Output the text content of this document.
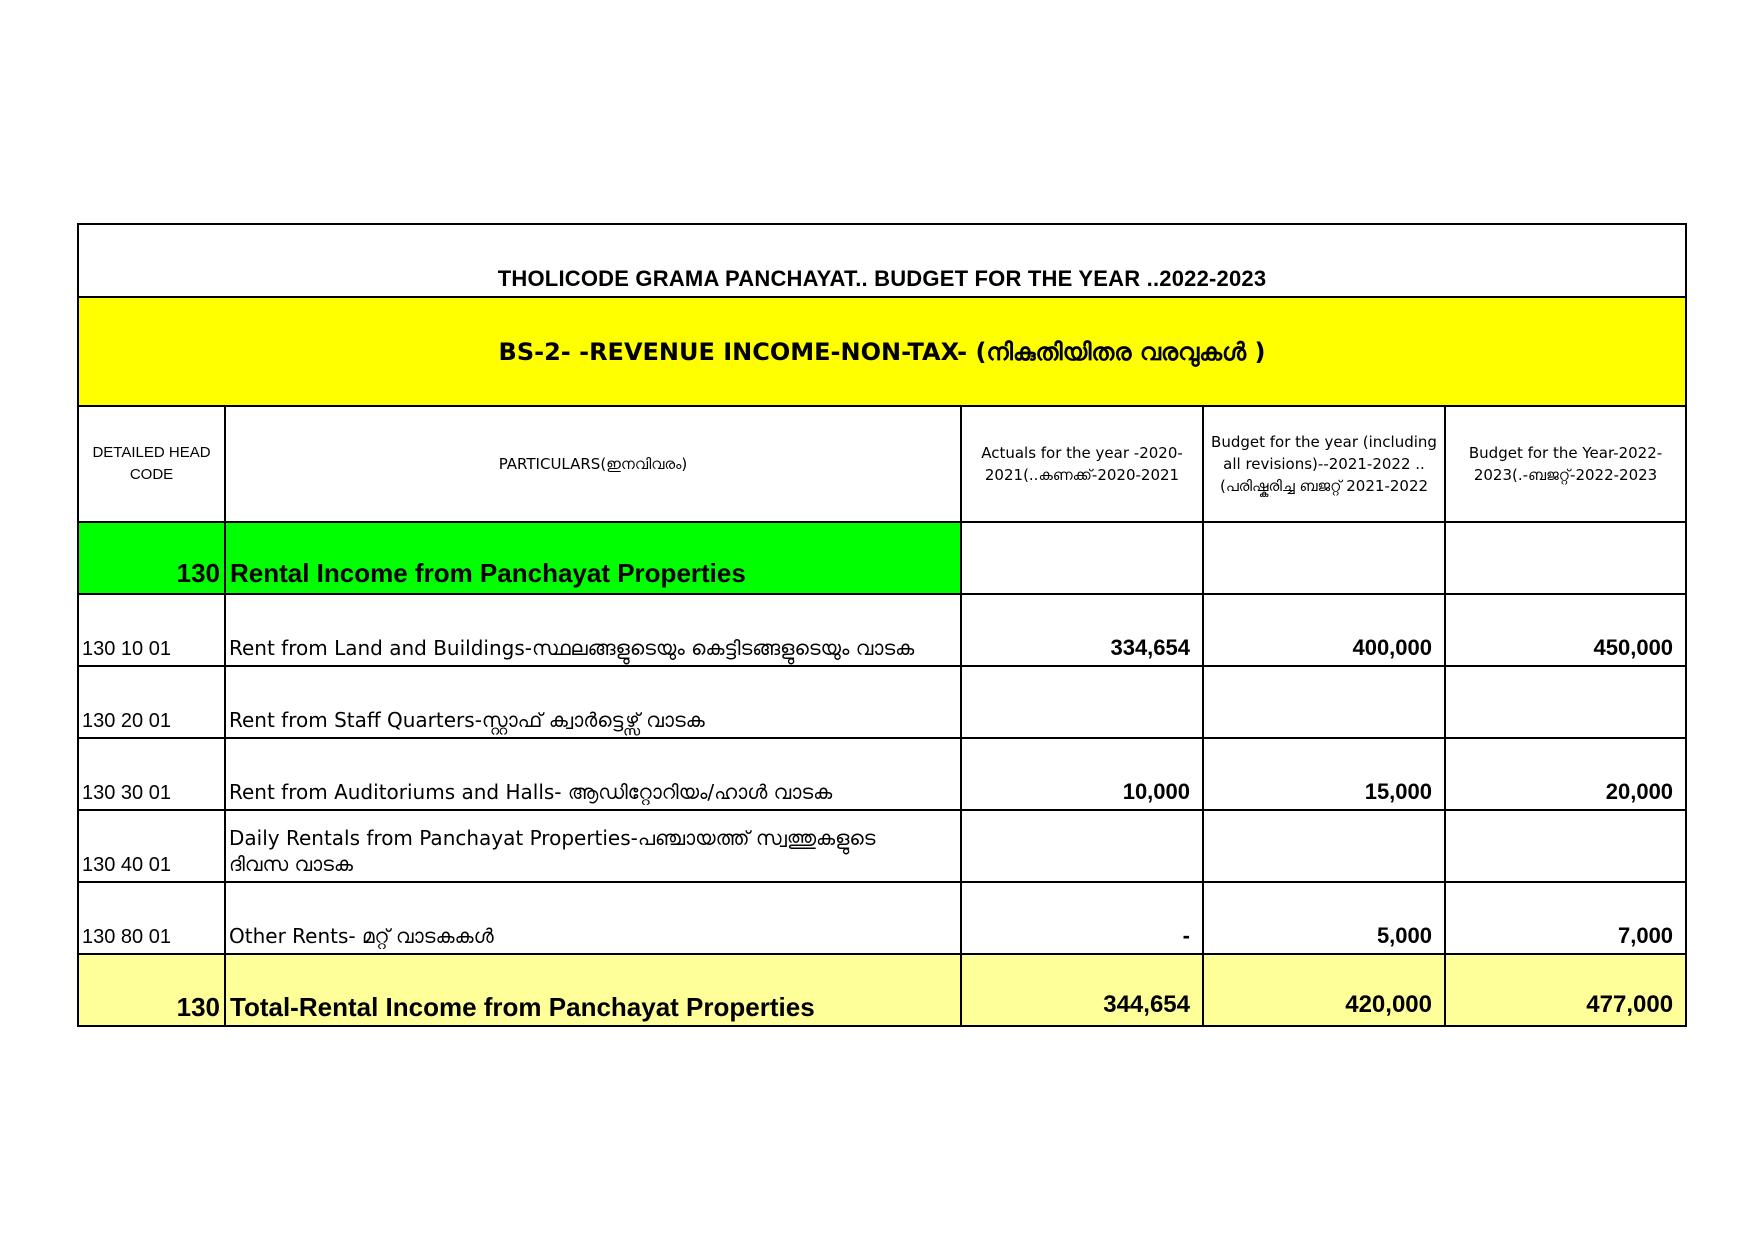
THOLICODE GRAMA PANCHAYAT.. BUDGET FOR THE YEAR ..2022-2023				
BS-2- -REVENUE INCOME-NON-TAX- (നികുതിയിതര വരവുകൾ )				
DETAILED HEAD CODE	PARTICULARS(ഇനവിവരം)	Actuals for the year -2020-2021(..കണക്ക്-2020-2021	Budget for the year (including all revisions)--2021-2022 ..(പരിഷ്കരിച്ച ബജറ്റ് 2021-2022	Budget for the Year-2022-2023(.-ബജറ്റ്-2022-2023
130	Rental Income from Panchayat Properties			
130 10 01	Rent from Land and Buildings-സ്ഥലങ്ങളുടെയും കെട്ടിടങ്ങളുടെയും വാടക	334,654	400,000	450,000
130 20 01	Rent from Staff Quarters-സ്റ്റാഫ് ക്വാർട്ടെഴ്സ് വാടക			
130 30 01	Rent from Auditoriums and Halls- ആഡിറ്റോറിയം/ഹാൾ വാടക	10,000	15,000	20,000
130 40 01	Daily Rentals from Panchayat Properties-പഞ്ചായത്ത് സ്വത്തുകളുടെ ദിവസ വാടക			
130 80 01	Other Rents- മറ്റ് വാടകകൾ	-	5,000	7,000
130	Total-Rental Income from Panchayat Properties	344,654	420,000	477,000
